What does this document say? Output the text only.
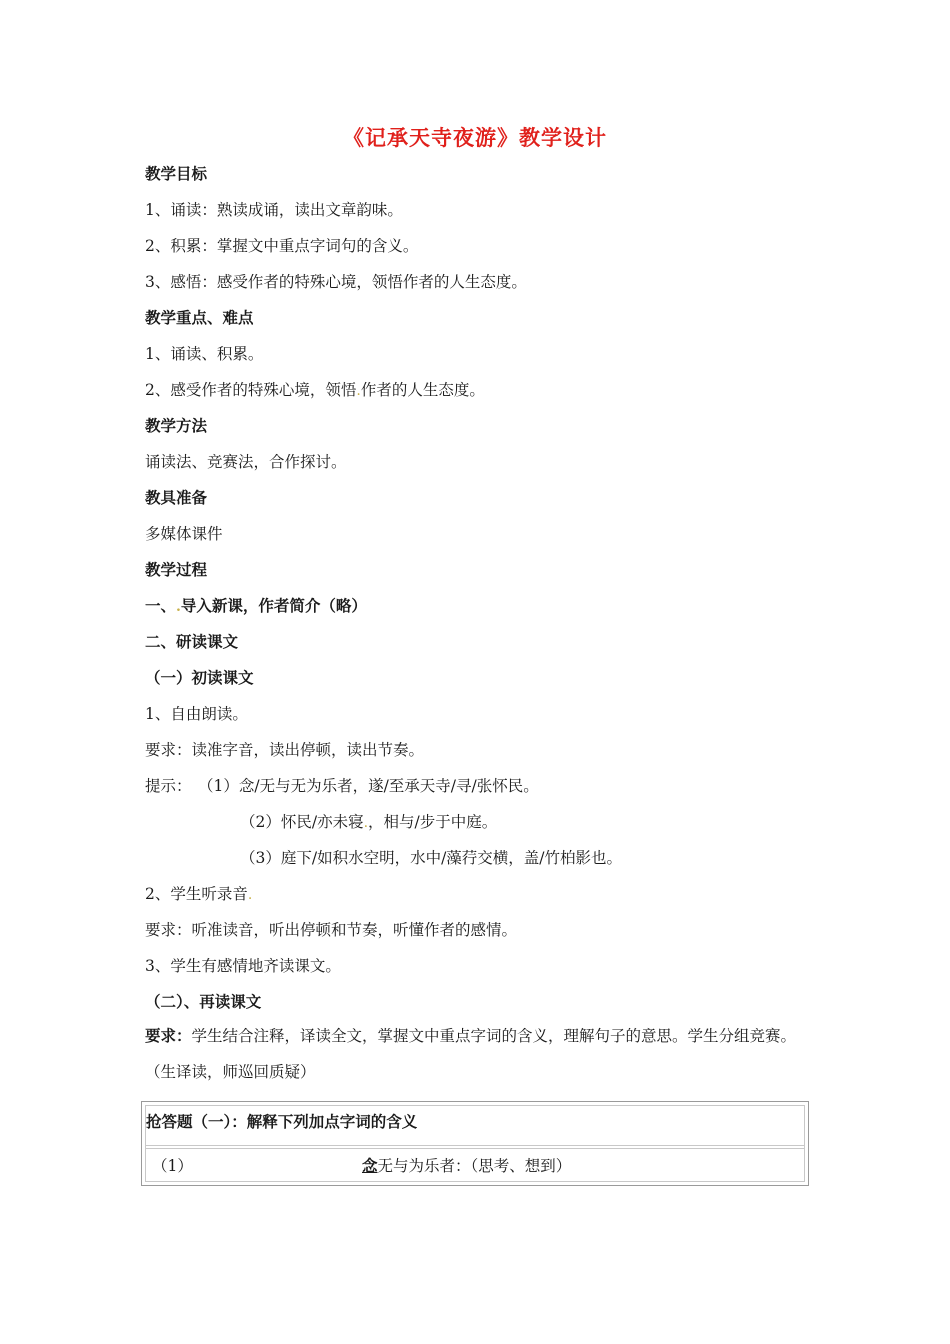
《记承天寺夜游》教学设计
教学目标
1、诵读：熟读成诵，读出文章韵味。
2、积累：掌握文中重点字词句的含义。
3、感悟：感受作者的特殊心境，领悟作者的人生态度。
教学重点、难点
1、诵读、积累。
2、感受作者的特殊心境，领悟.作者的人生态度。
教学方法
诵读法、竞赛法，合作探讨。
教具准备
多媒体课件
教学过程
一、.导入新课，作者简介（略）
二、研读课文
（一）初读课文
1、自由朗读。
要求：读准字音，读出停顿，读出节奏。
提示： （1）念/无与无为乐者，遂/至承天寺/寻/张怀民。
（2）怀民/亦未寝.，相与/步于中庭。
（3）庭下/如积水空明，水中/藻荇交横，盖/竹柏影也。
2、学生听录音.
要求：听准读音，听出停顿和节奏，听懂作者的感情。
3、学生有感情地齐读课文。
（二）、再读课文
要求：学生结合注释，译读全文，掌握文中重点字词的含义，理解句子的意思。学生分组竞赛。（生译读，师巡回质疑）
抢答题（一）：解释下列加点字词的含义
（1）	念无与为乐者：（思考、想到）
